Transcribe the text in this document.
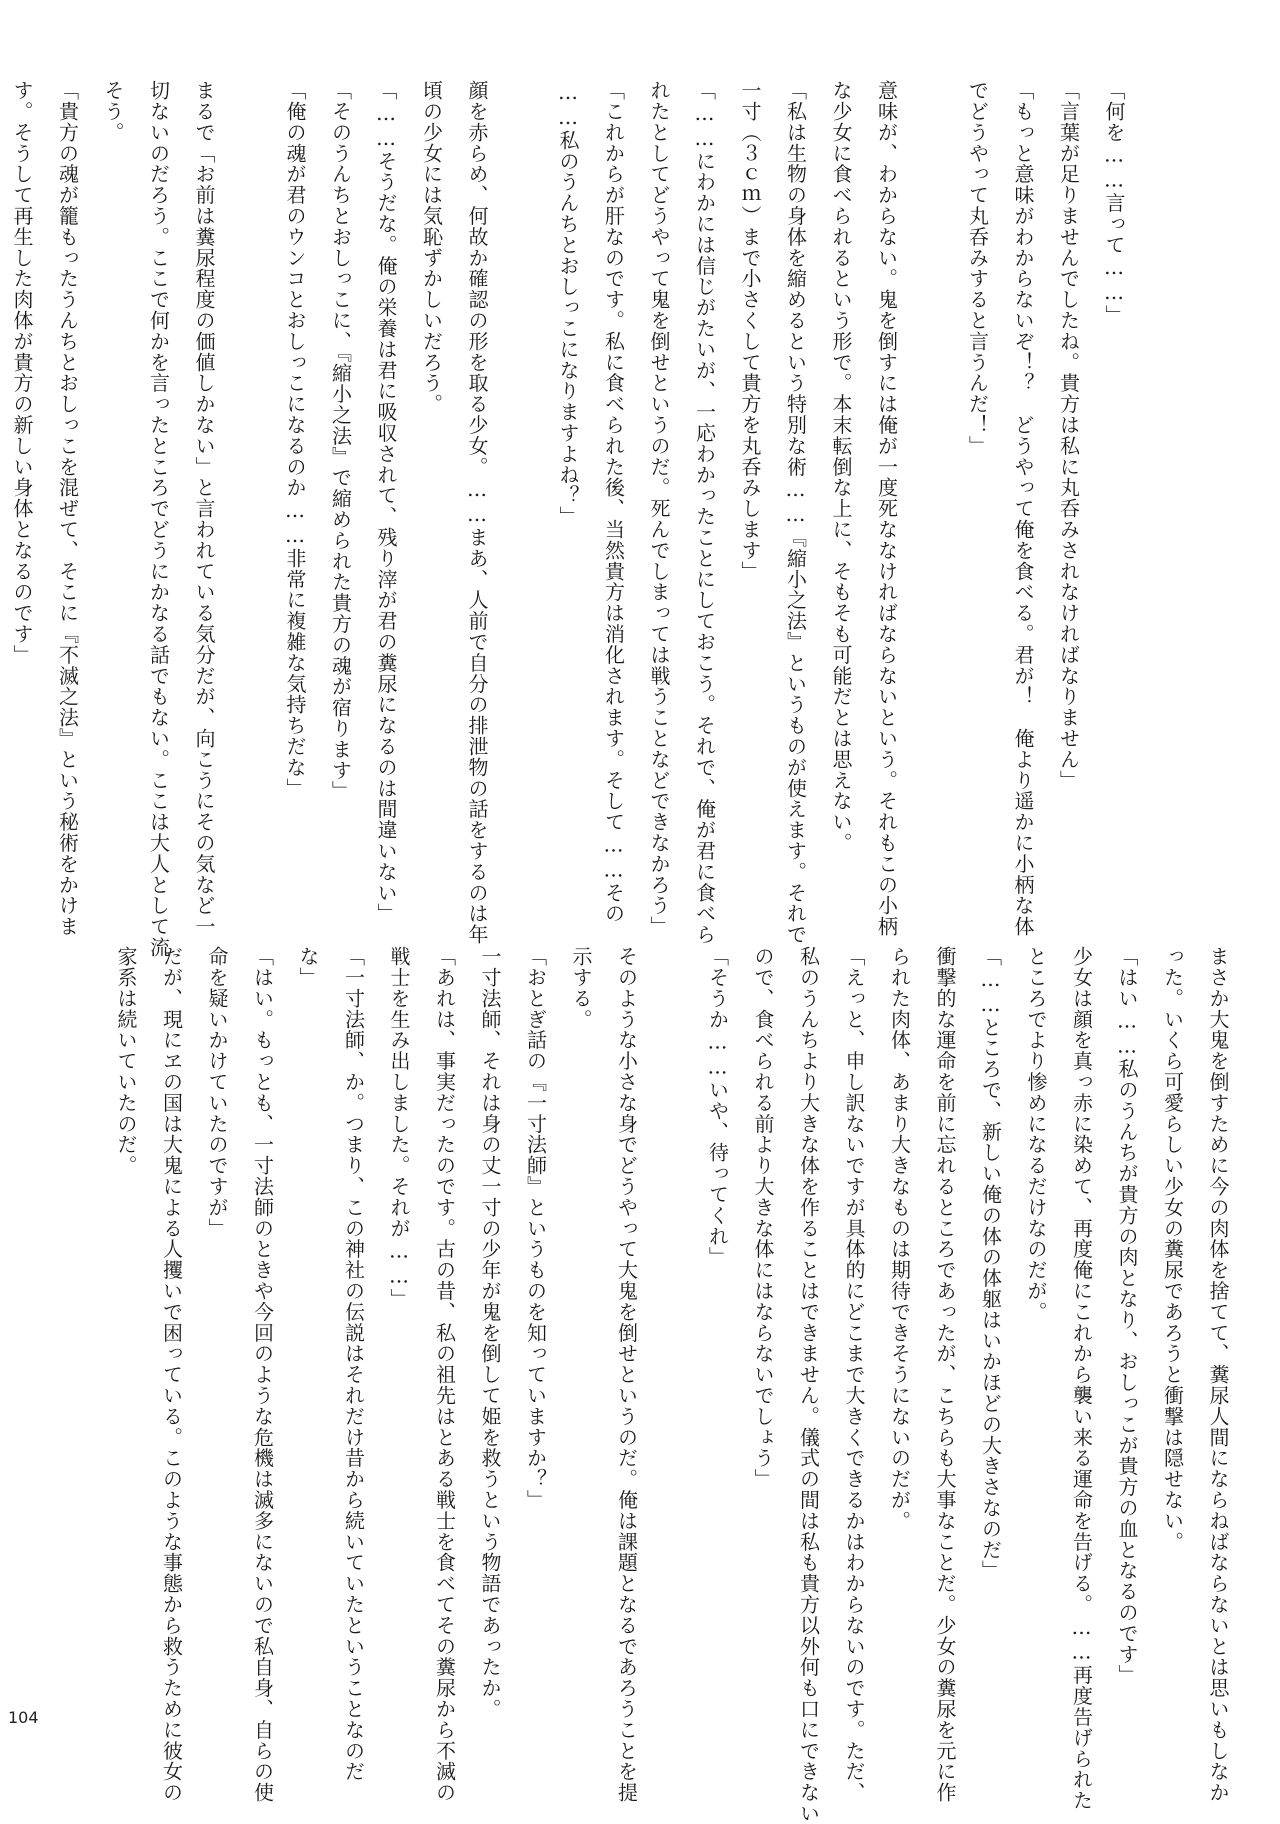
「何を……言って……」

「言葉が足りませんでしたね。貴方は私に丸呑みされなければなりません」

「もっと意味がわからないぞ！？　どうやって俺を食べる。君が！　俺より遥かに小柄な体

でどうやって丸呑みすると言うんだ！」

意味が、わからない。鬼を倒すには俺が一度死ななければならないという。それもこの小柄

な少女に食べられるという形で。本末転倒な上に、そもそも可能だとは思えない。

「私は生物の身体を縮めるという特別な術……『縮小之法』というものが使えます。それで

一寸（３ｃｍ）まで小さくして貴方を丸呑みします」

「……にわかには信じがたいが、一応わかったことにしておこう。それで、俺が君に食べら

れたとしてどうやって鬼を倒せというのだ。死んでしまっては戦うことなどできなかろう」

「これからが肝なのです。私に食べられた後、当然貴方は消化されます。そして……その

……私のうんちとおしっこになりますよね？」

顔を赤らめ、何故か確認の形を取る少女。……まあ、人前で自分の排泄物の話をするのは年

頃の少女には気恥ずかしいだろう。

「……そうだな。俺の栄養は君に吸収されて、残り滓が君の糞尿になるのは間違いない」

「そのうんちとおしっこに、『縮小之法』で縮められた貴方の魂が宿ります」

「俺の魂が君のウンコとおしっこになるのか……非常に複雑な気持ちだな」

まるで「お前は糞尿程度の価値しかない」と言われている気分だが、向こうにその気など一

切ないのだろう。ここで何かを言ったところでどうにかなる話でもない。ここは大人として流

そう。

「貴方の魂が籠もったうんちとおしっこを混ぜて、そこに『不滅之法』という秘術をかけま

す。そうして再生した肉体が貴方の新しい身体となるのです」

まさか大鬼を倒すために今の肉体を捨てて、糞尿人間にならねばならないとは思いもしなか

った。いくら可愛らしい少女の糞尿であろうと衝撃は隠せない。

「はい……私のうんちが貴方の肉となり、おしっこが貴方の血となるのです」

少女は顔を真っ赤に染めて、再度俺にこれから襲い来る運命を告げる。……再度告げられた

ところでより惨めになるだけなのだが。

「……ところで、新しい俺の体の体躯はいかほどの大きさなのだ」

衝撃的な運命を前に忘れるところであったが、こちらも大事なことだ。少女の糞尿を元に作

られた肉体、あまり大きなものは期待できそうにないのだが。

「えっと、申し訳ないですが具体的にどこまで大きくできるかはわからないのです。ただ、

私のうんちより大きな体を作ることはできません。儀式の間は私も貴方以外何も口にできない

ので、食べられる前より大きな体にはならないでしょう」

「そうか……いや、待ってくれ」

そのような小さな身でどうやって大鬼を倒せというのだ。俺は課題となるであろうことを提

示する。

「おとぎ話の『一寸法師』というものを知っていますか？」

一寸法師、それは身の丈一寸の少年が鬼を倒して姫を救うという物語であったか。

「あれは、事実だったのです。古の昔、私の祖先はとある戦士を食べてその糞尿から不滅の

戦士を生み出しました。それが……」

「一寸法師、か。つまり、この神社の伝説はそれだけ昔から続いていたということなのだ

な」

「はい。もっとも、一寸法師のときや今回のような危機は滅多にないので私自身、自らの使

命を疑いかけていたのですが」

だが、現にヱの国は大鬼による人攫いで困っている。このような事態から救うために彼女の

家系は続いていたのだ。

104
